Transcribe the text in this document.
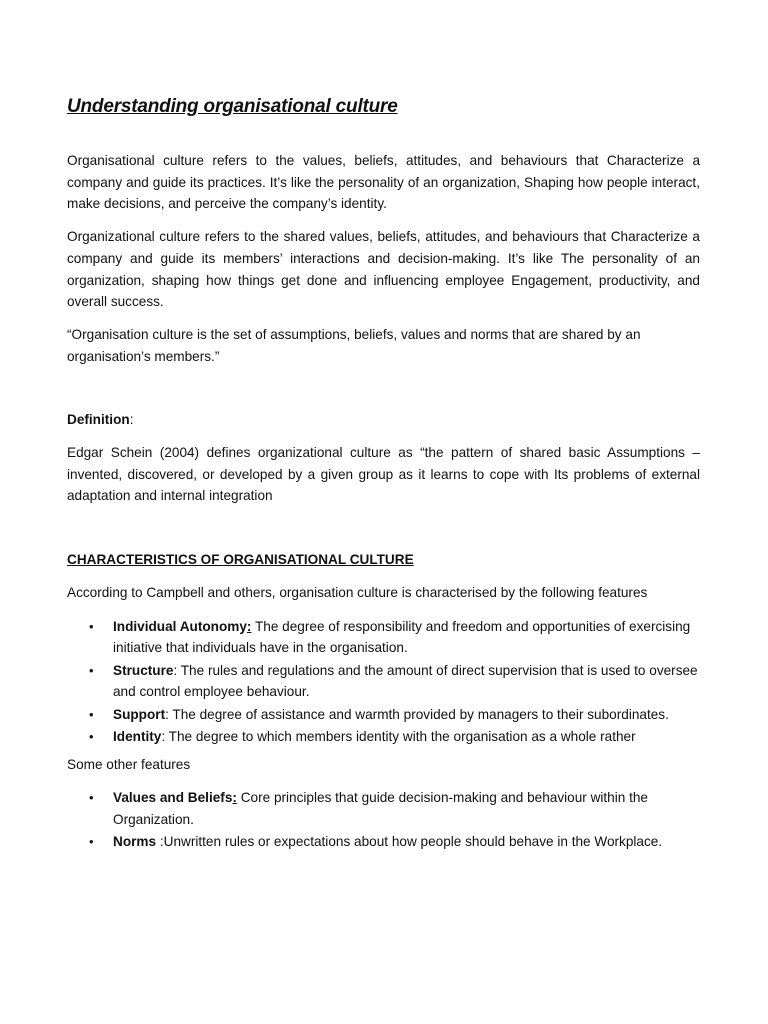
Understanding organisational culture

Organisational culture refers to the values, beliefs, attitudes, and behaviours that Characterize a company and guide its practices. It’s like the personality of an organization, Shaping how people interact, make decisions, and perceive the company’s identity.

Organizational culture refers to the shared values, beliefs, attitudes, and behaviours that Characterize a company and guide its members’ interactions and decision-making. It’s like The personality of an organization, shaping how things get done and influencing employee Engagement, productivity, and overall success.

“Organisation culture is the set of assumptions, beliefs, values and norms that are shared by an organisation’s members.”

Definition:

Edgar Schein (2004) defines organizational culture as “the pattern of shared basic Assumptions – invented, discovered, or developed by a given group as it learns to cope with Its problems of external adaptation and internal integration

CHARACTERISTICS OF ORGANISATIONAL CULTURE

According to Campbell and others, organisation culture is characterised by the following features

• Individual Autonomy: The degree of responsibility and freedom and opportunities of exercising initiative that individuals have in the organisation.
• Structure: The rules and regulations and the amount of direct supervision that is used to oversee and control employee behaviour.
• Support: The degree of assistance and warmth provided by managers to their subordinates.
• Identity: The degree to which members identity with the organisation as a whole rather

Some other features

• Values and Beliefs: Core principles that guide decision-making and behaviour within the Organization.
• Norms :Unwritten rules or expectations about how people should behave in the Workplace.
